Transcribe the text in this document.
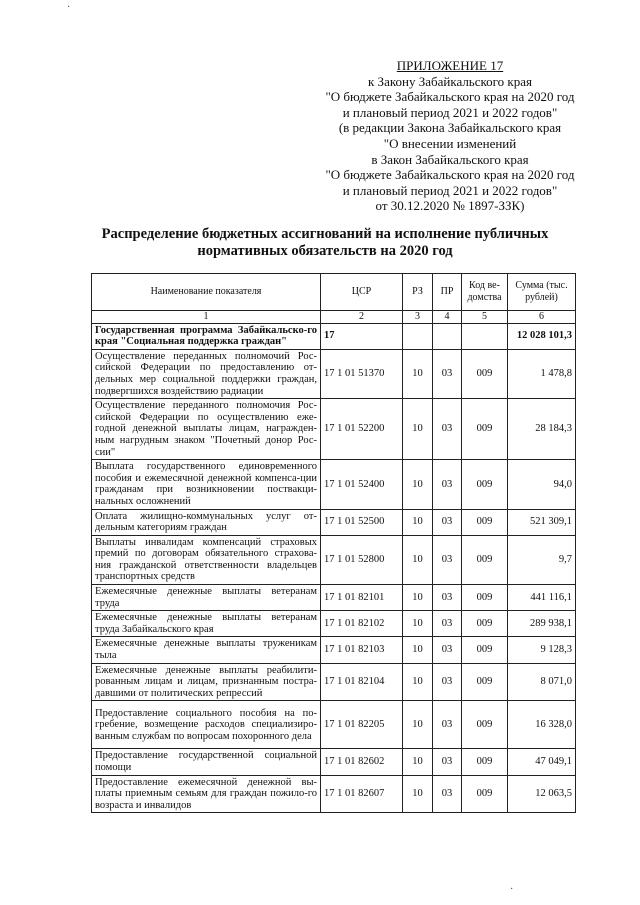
ПРИЛОЖЕНИЕ 17
к Закону Забайкальского края
"О бюджете Забайкальского края на 2020 год
и плановый период 2021 и 2022 годов"
(в редакции Закона Забайкальского края
"О внесении изменений
в Закон Забайкальского края
"О бюджете Забайкальского края на 2020 год
и плановый период 2021 и 2022 годов"
от 30.12.2020 № 1897-ЗЗК)
Распределение бюджетных ассигнований на исполнение публичных
нормативных обязательств на 2020 год
Наименование показателя	ЦСР	РЗ	ПР	Код ве-домства	Сумма (тыс. рублей)
1	2	3	4	5	6
Государственная программа Забайкальско-го края "Социальная поддержка граждан"	17				12 028 101,3
Осуществление переданных полномочий Рос-сийской Федерации по предоставлению от-дельных мер социальной поддержки граждан, подвергшихся воздействию радиации	17 1 01 51370	10	03	009	1 478,8
Осуществление переданного полномочия Рос-сийской Федерации по осуществлению еже-годной денежной выплаты лицам, награжден-ным нагрудным знаком "Почетный донор Рос-сии"	17 1 01 52200	10	03	009	28 184,3
Выплата государственного единовременного пособия и ежемесячной денежной компенса-ции гражданам при возникновении поствакци-нальных осложнений	17 1 01 52400	10	03	009	94,0
Оплата жилищно-коммунальных услуг от-дельным категориям граждан	17 1 01 52500	10	03	009	521 309,1
Выплаты инвалидам компенсаций страховых премий по договорам обязательного страхова-ния гражданской ответственности владельцев транспортных средств	17 1 01 52800	10	03	009	9,7
Ежемесячные денежные выплаты ветеранам труда	17 1 01 82101	10	03	009	441 116,1
Ежемесячные денежные выплаты ветеранам труда Забайкальского края	17 1 01 82102	10	03	009	289 938,1
Ежемесячные денежные выплаты труженикам тыла	17 1 01 82103	10	03	009	9 128,3
Ежемесячные денежные выплаты реабилити-рованным лицам и лицам, признанным постра-давшими от политических репрессий	17 1 01 82104	10	03	009	8 071,0
Предоставление социального пособия на по-гребение, возмещение расходов специализиро-ванным службам по вопросам похоронного дела	17 1 01 82205	10	03	009	16 328,0
Предоставление государственной социальной помощи	17 1 01 82602	10	03	009	47 049,1
Предоставление ежемесячной денежной вы-платы приемным семьям для граждан пожило-го возраста и инвалидов	17 1 01 82607	10	03	009	12 063,5
·
·
